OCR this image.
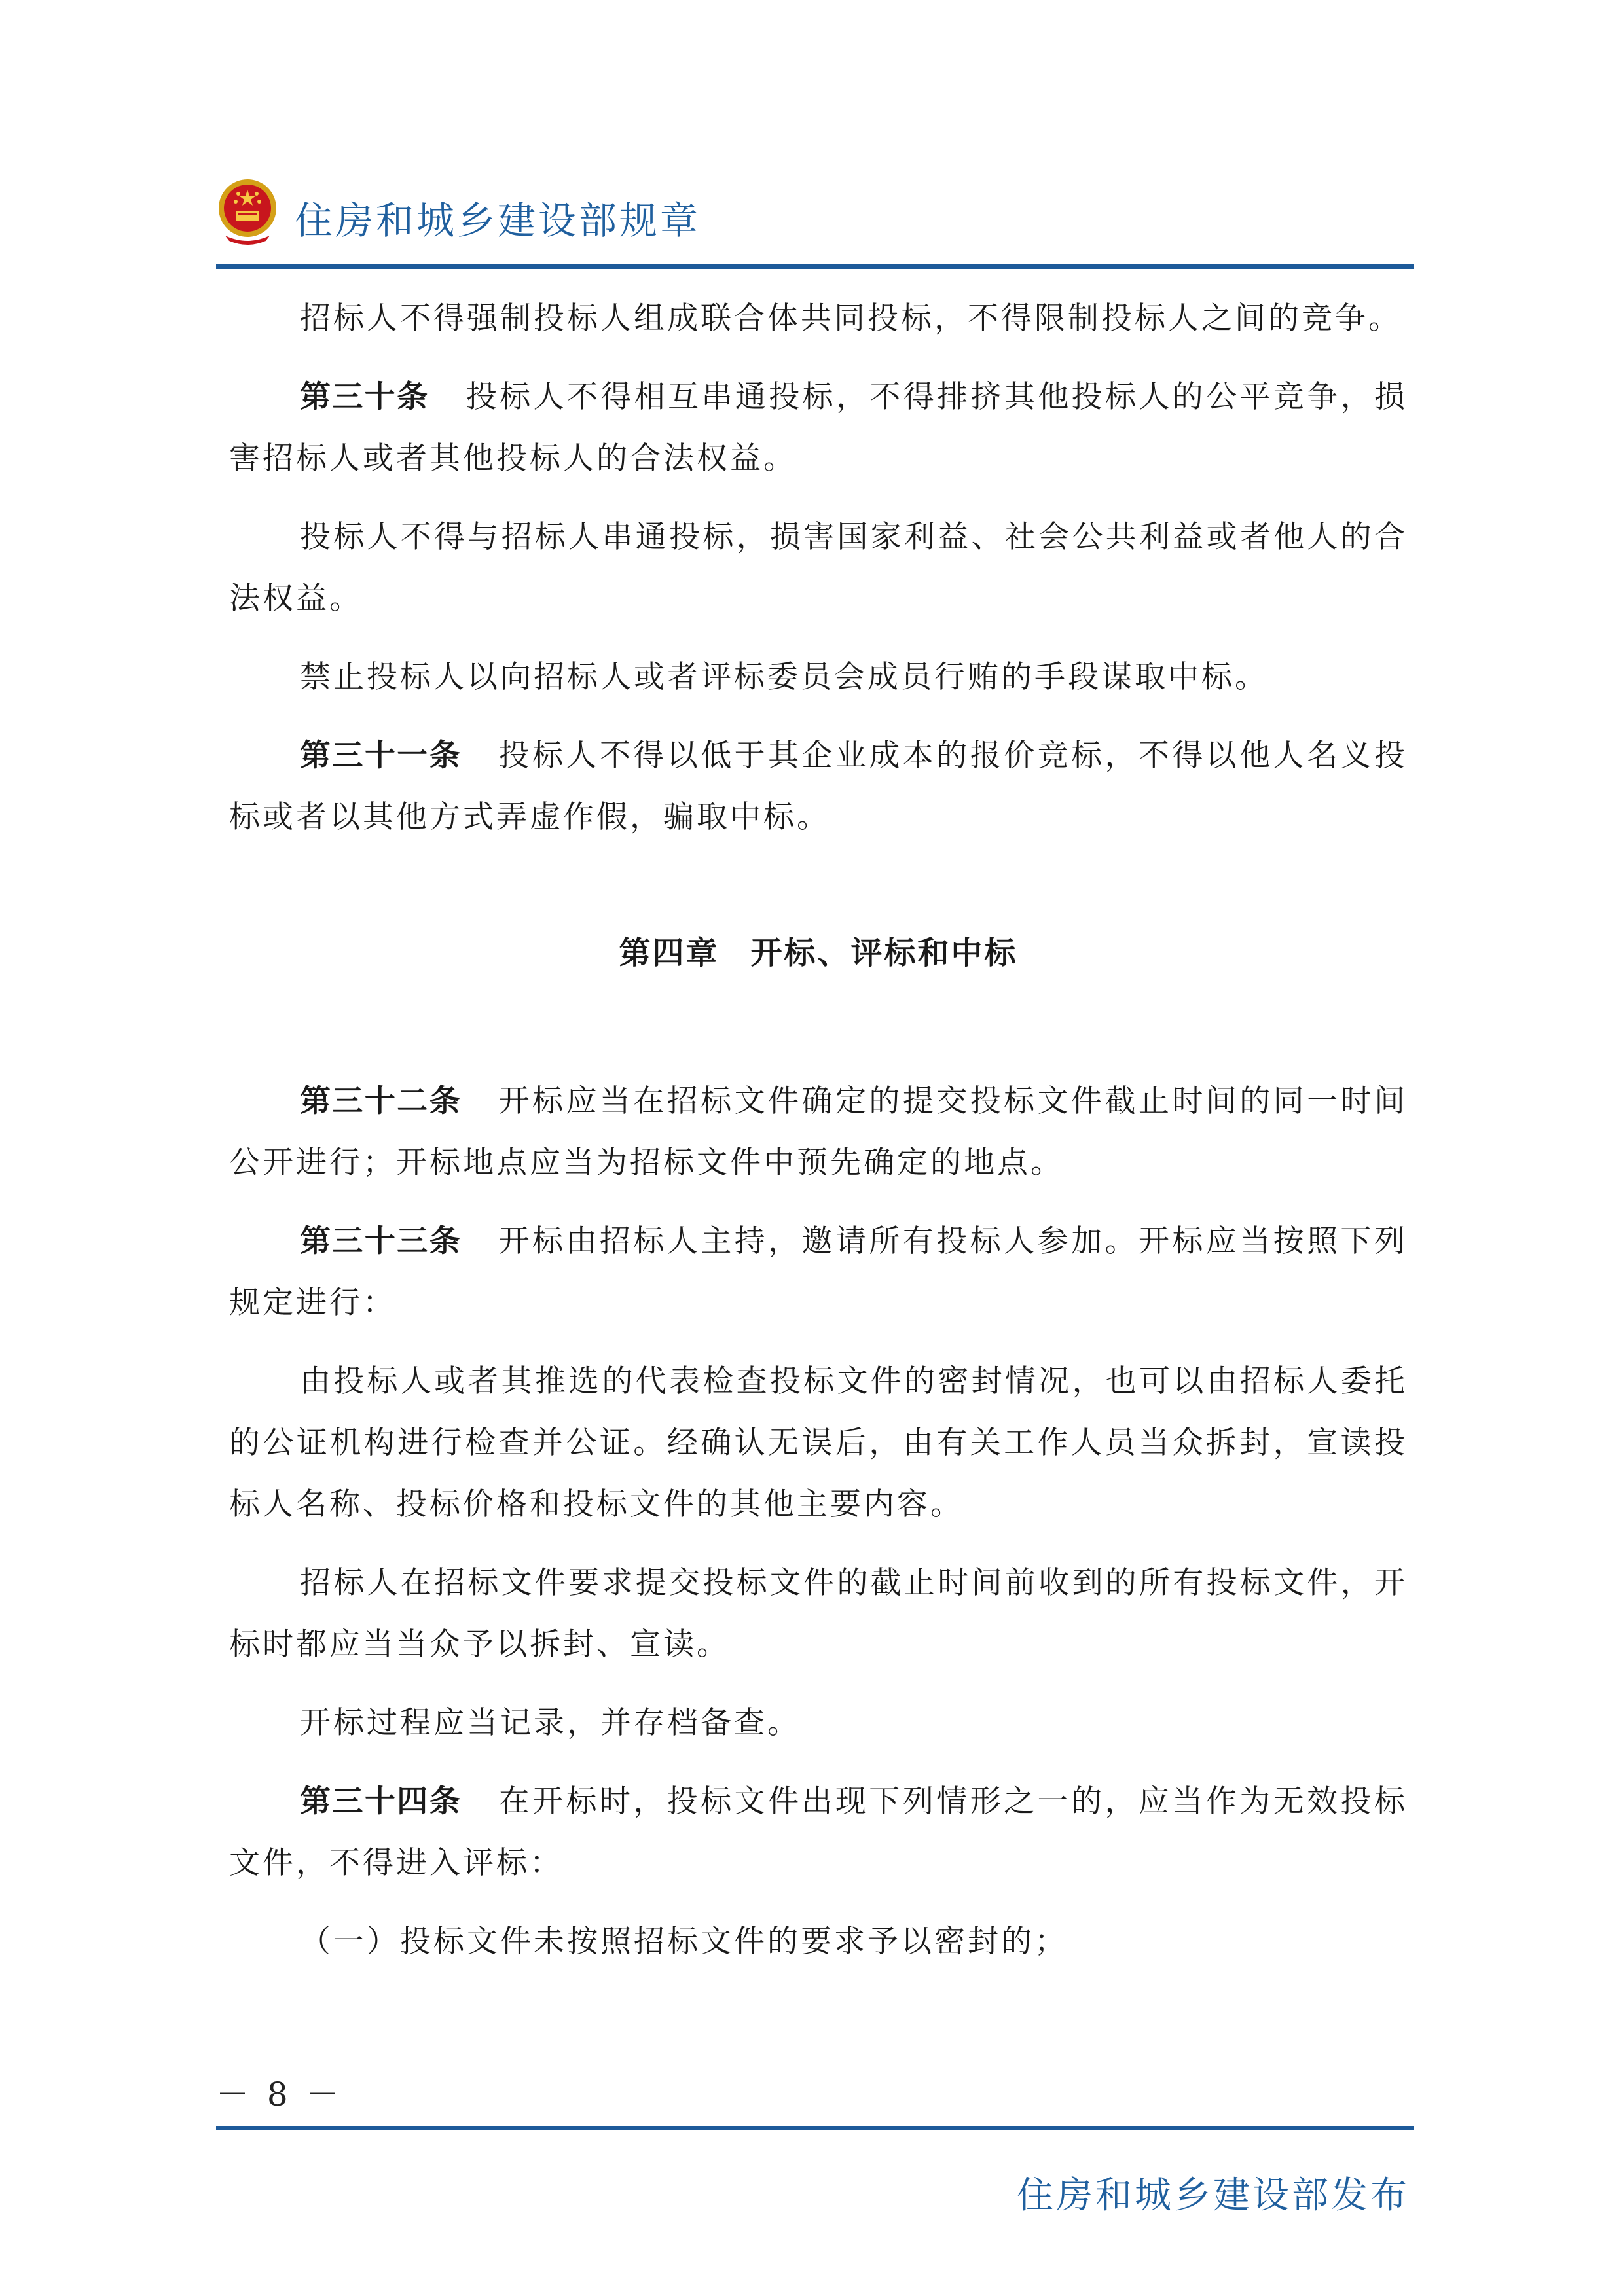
住房和城乡建设部规章

招标人不得强制投标人组成联合体共同投标，不得限制投标人之间的竞争。

第三十条 投标人不得相互串通投标，不得排挤其他投标人的公平竞争，损害招标人或者其他投标人的合法权益。

投标人不得与招标人串通投标，损害国家利益、社会公共利益或者他人的合法权益。

禁止投标人以向招标人或者评标委员会成员行贿的手段谋取中标。

第三十一条 投标人不得以低于其企业成本的报价竞标，不得以他人名义投标或者以其他方式弄虚作假，骗取中标。

第四章 开标、评标和中标

第三十二条 开标应当在招标文件确定的提交投标文件截止时间的同一时间公开进行；开标地点应当为招标文件中预先确定的地点。

第三十三条 开标由招标人主持，邀请所有投标人参加。开标应当按照下列规定进行：

由投标人或者其推选的代表检查投标文件的密封情况，也可以由招标人委托的公证机构进行检查并公证。经确认无误后，由有关工作人员当众拆封，宣读投标人名称、投标价格和投标文件的其他主要内容。

招标人在招标文件要求提交投标文件的截止时间前收到的所有投标文件，开标时都应当当众予以拆封、宣读。

开标过程应当记录，并存档备查。

第三十四条 在开标时，投标文件出现下列情形之一的，应当作为无效投标文件，不得进入评标：

（一）投标文件未按照招标文件的要求予以密封的；

－ 8 －
住房和城乡建设部发布
